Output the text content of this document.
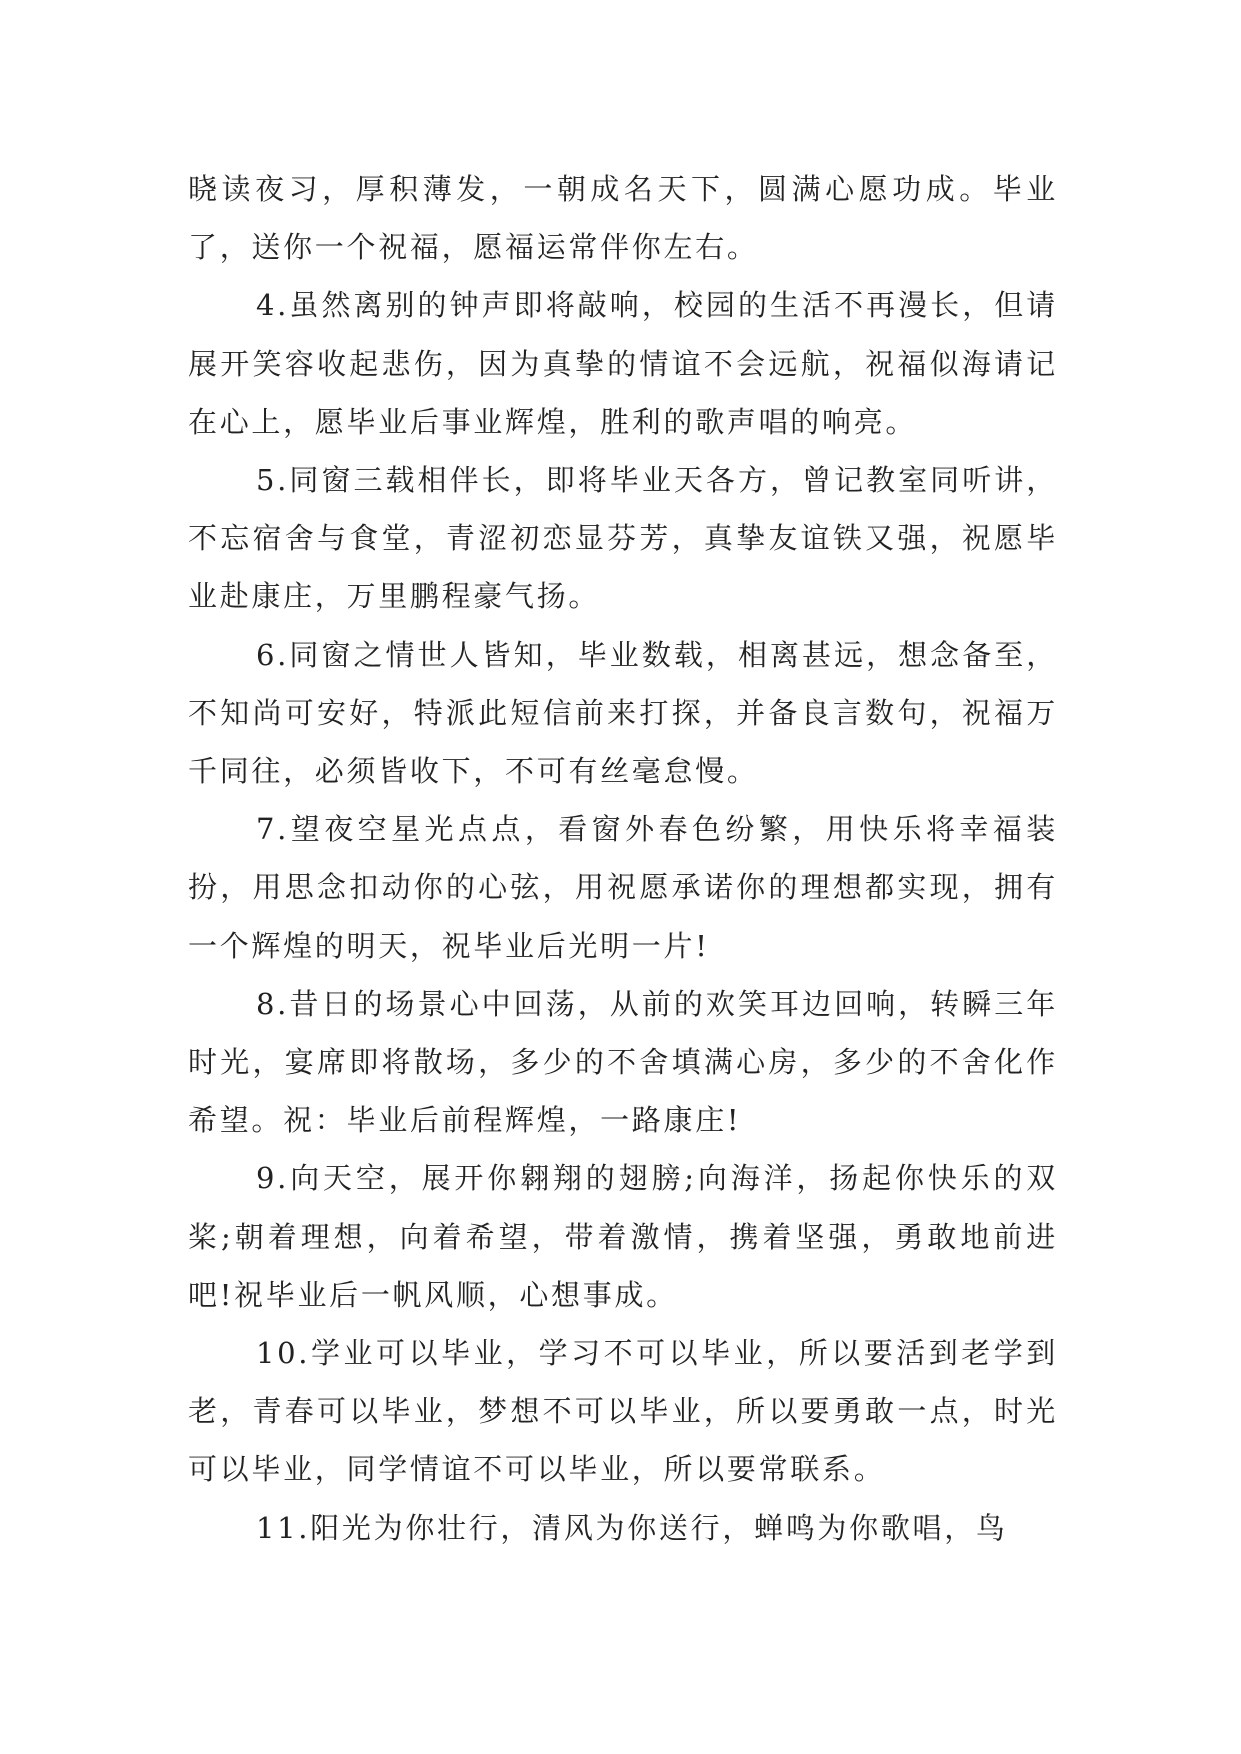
晓读夜习，厚积薄发，一朝成名天下，圆满心愿功成。毕业了，送你一个祝福，愿福运常伴你左右。

4.虽然离别的钟声即将敲响，校园的生活不再漫长，但请展开笑容收起悲伤，因为真挚的情谊不会远航，祝福似海请记在心上，愿毕业后事业辉煌，胜利的歌声唱的响亮。

5.同窗三载相伴长，即将毕业天各方，曾记教室同听讲，不忘宿舍与食堂，青涩初恋显芬芳，真挚友谊铁又强，祝愿毕业赴康庄，万里鹏程豪气扬。

6.同窗之情世人皆知，毕业数载，相离甚远，想念备至，不知尚可安好，特派此短信前来打探，并备良言数句，祝福万千同往，必须皆收下，不可有丝毫怠慢。

7.望夜空星光点点，看窗外春色纷繁，用快乐将幸福装扮，用思念扣动你的心弦，用祝愿承诺你的理想都实现，拥有一个辉煌的明天，祝毕业后光明一片!

8.昔日的场景心中回荡，从前的欢笑耳边回响，转瞬三年时光，宴席即将散场，多少的不舍填满心房，多少的不舍化作希望。祝：毕业后前程辉煌，一路康庄!

9.向天空，展开你翱翔的翅膀;向海洋，扬起你快乐的双桨;朝着理想，向着希望，带着激情，携着坚强，勇敢地前进吧!祝毕业后一帆风顺，心想事成。

10.学业可以毕业，学习不可以毕业，所以要活到老学到老，青春可以毕业，梦想不可以毕业，所以要勇敢一点，时光可以毕业，同学情谊不可以毕业，所以要常联系。

11.阳光为你壮行，清风为你送行，蝉鸣为你歌唱，鸟
